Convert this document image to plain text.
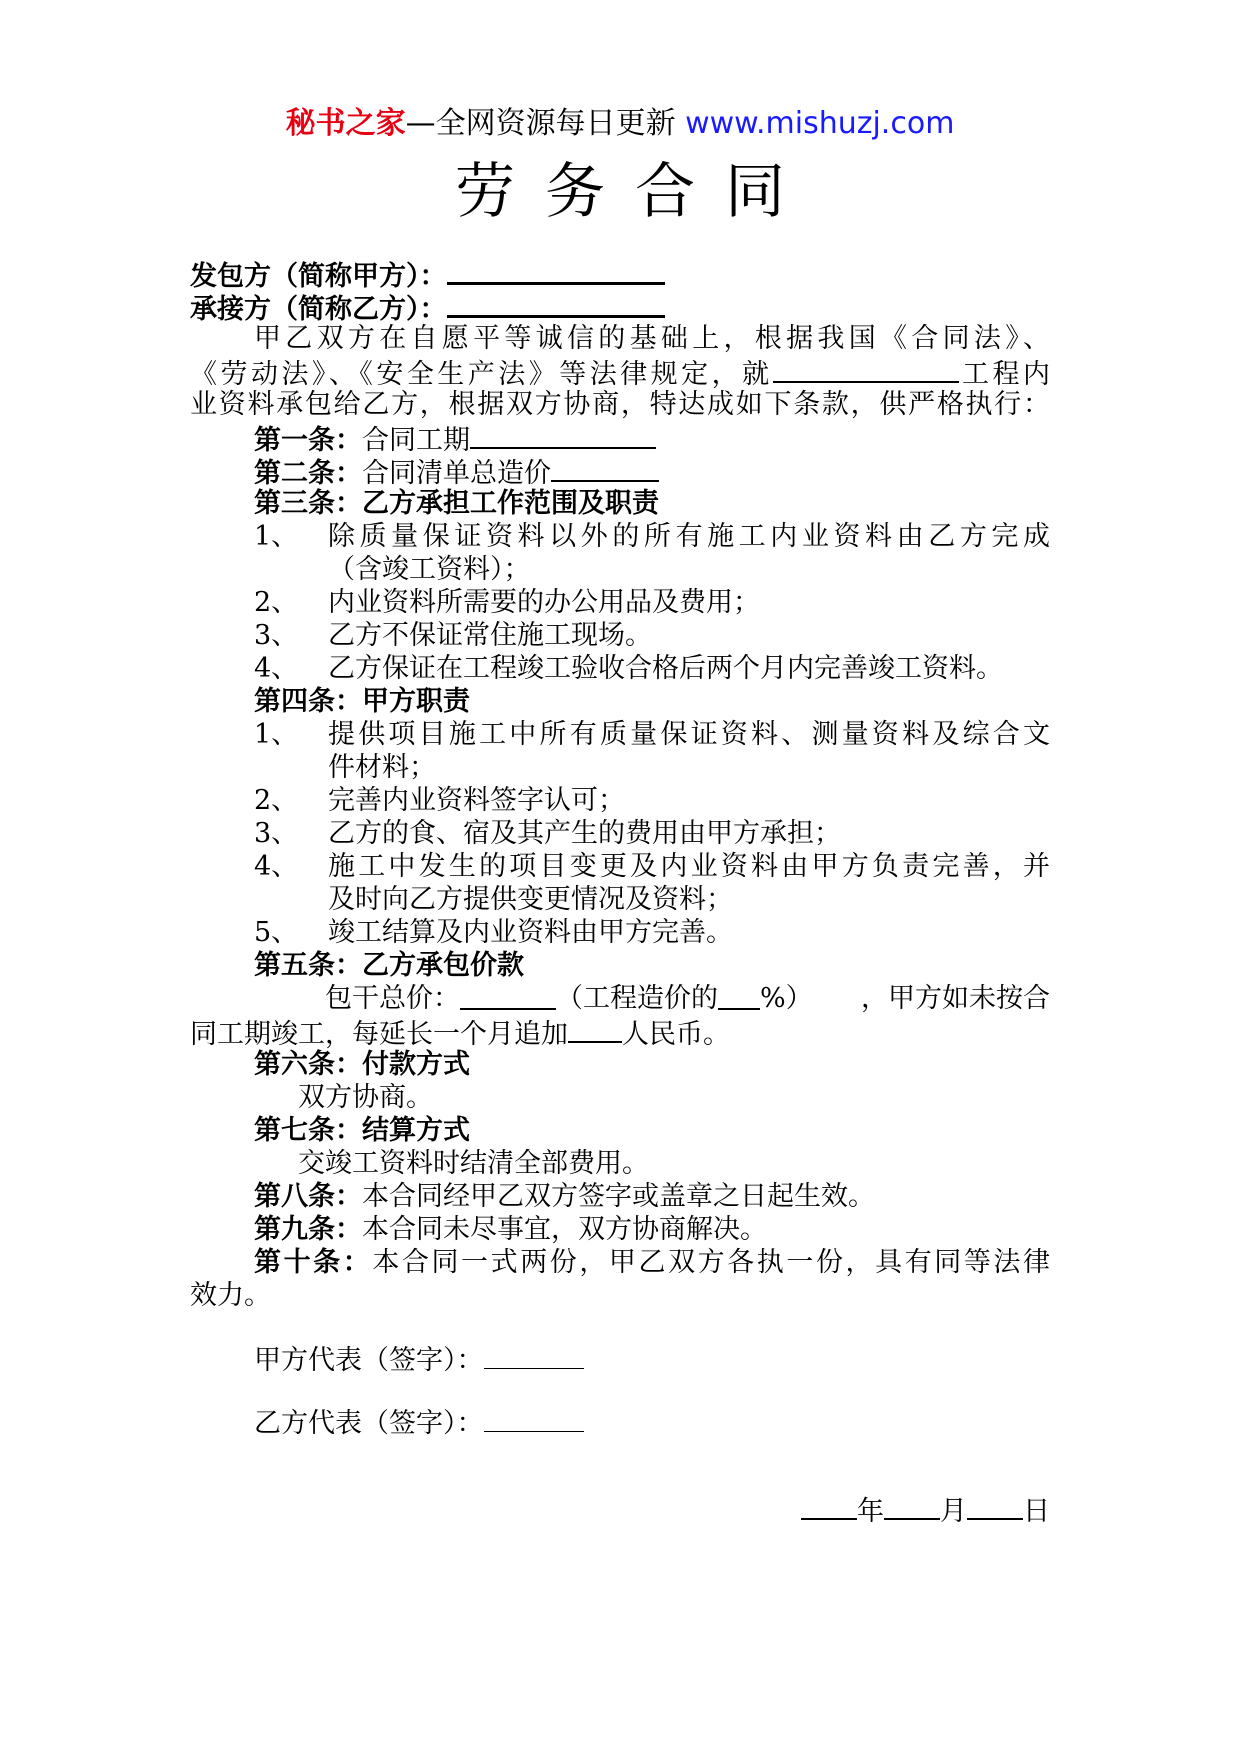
秘书之家—全网资源每日更新 www.mishuzj.com
劳务合同
发包方（简称甲方）：
承接方（简称乙方）：
甲乙双方在自愿平等诚信的基础上，根据我国《合同法》、
《劳动法》、《安全生产法》等法律规定，就	工程内
业资料承包给乙方，根据双方协商，特达成如下条款，供严格执行：
第一条：合同工期
第二条：合同清单总造价
第三条：乙方承担工作范围及职责
1、	除质量保证资料以外的所有施工内业资料由乙方完成
（含竣工资料）；
2、	内业资料所需要的办公用品及费用；
3、	乙方不保证常住施工现场。
4、	乙方保证在工程竣工验收合格后两个月内完善竣工资料。
第四条：甲方职责
1、	提供项目施工中所有质量保证资料、测量资料及综合文
件材料；
2、	完善内业资料签字认可；
3、	乙方的食、宿及其产生的费用由甲方承担；
4、	施工中发生的项目变更及内业资料由甲方负责完善，并
及时向乙方提供变更情况及资料；
5、	竣工结算及内业资料由甲方完善。
第五条：乙方承包价款
包干总价：	（工程造价的 %）	，甲方如未按合
同工期竣工，每延长一个月追加 人民币。
第六条：付款方式
双方协商。
第七条：结算方式
交竣工资料时结清全部费用。
第八条：本合同经甲乙双方签字或盖章之日起生效。
第九条：本合同未尽事宜，双方协商解决。
第十条：本合同一式两份，甲乙双方各执一份，具有同等法律
效力。
甲方代表（签字）：
乙方代表（签字）：
年 月 日
